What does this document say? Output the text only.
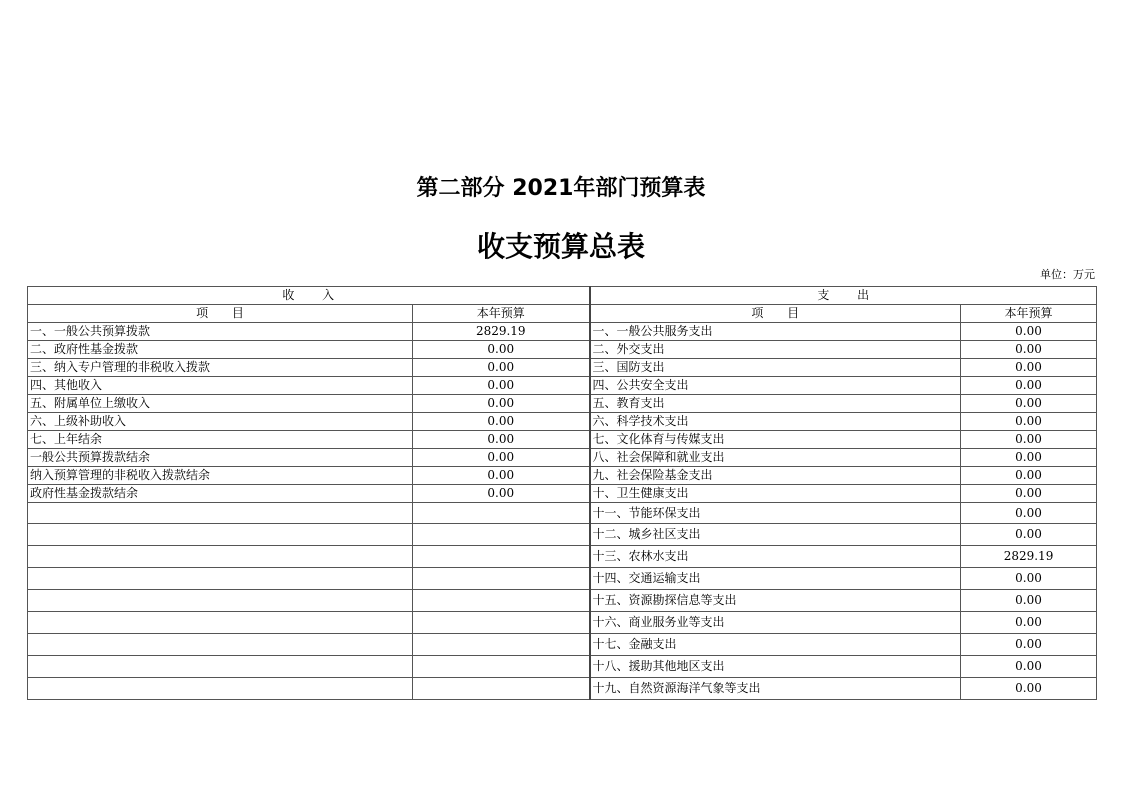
第二部分 2021年部门预算表
收支预算总表
单位：万元
收 入		支 出	
项 目	本年预算	项 目	本年预算
一、一般公共预算拨款	2829.19	一、一般公共服务支出	0.00
二、政府性基金拨款	0.00	二、外交支出	0.00
三、纳入专户管理的非税收入拨款	0.00	三、国防支出	0.00
四、其他收入	0.00	四、公共安全支出	0.00
五、附属单位上缴收入	0.00	五、教育支出	0.00
六、上级补助收入	0.00	六、科学技术支出	0.00
七、上年结余	0.00	七、文化体育与传媒支出	0.00
一般公共预算拨款结余	0.00	八、社会保障和就业支出	0.00
纳入预算管理的非税收入拨款结余	0.00	九、社会保险基金支出	0.00
政府性基金拨款结余	0.00	十、卫生健康支出	0.00
		十一、节能环保支出	0.00
		十二、城乡社区支出	0.00
		十三、农林水支出	2829.19
		十四、交通运输支出	0.00
		十五、资源勘探信息等支出	0.00
		十六、商业服务业等支出	0.00
		十七、金融支出	0.00
		十八、援助其他地区支出	0.00
		十九、自然资源海洋气象等支出	0.00
